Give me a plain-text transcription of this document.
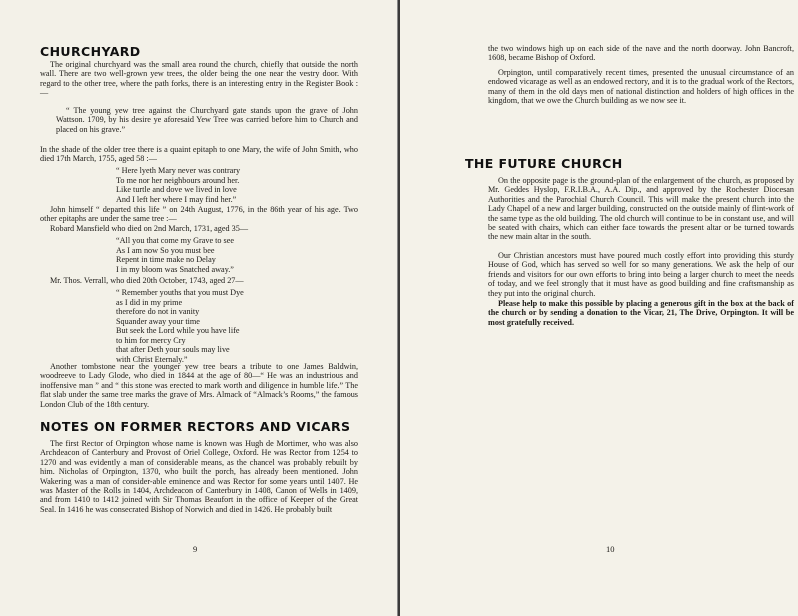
CHURCHYARD

The original churchyard was the small area round the church, chiefly that outside the north wall. There are two well-grown yew trees, the older being the one near the vestry door. With regard to the other tree, where the path forks, there is an interesting entry in the Register Book :—

“ The young yew tree against the Churchyard gate stands upon the grave of John Wattson. 1709, by his desire ye aforesaid Yew Tree was carried before him to Church and placed on his grave.”

In the shade of the older tree there is a quaint epitaph to one Mary, the wife of John Smith, who died 17th March, 1755, aged 58 :—

“ Here lyeth Mary never was contrary
To me nor her neighbours around her.
Like turtle and dove we lived in love
And I left her where I may find her.”

John himself “ departed this life ” on 24th August, 1776, in the 86th year of his age. Two other epitaphs are under the same tree :—

Robard Mansfield who died on 2nd March, 1731, aged 35—

“All you that come my Grave to see
As I am now So you must bee
Repent in time make no Delay
I in my bloom was Snatched away.”

Mr. Thos. Verrall, who died 20th October, 1743, aged 27—

“ Remember youths that you must Dye
as I did in my prime
therefore do not in vanity
Squander away your time
But seek the Lord while you have life
to him for mercy Cry
that after Deth your souls may live
with Christ Eternaly.”

Another tombstone near the younger yew tree bears a tribute to one James Baldwin, woodreeve to Lady Glode, who died in 1844 at the age of 80—“ He was an industrious and inoffensive man ” and “ this stone was erected to mark worth and diligence in humble life.” The flat slab under the same tree marks the grave of Mrs. Almack of “Almack’s Rooms,” the famous London Club of the 18th century.

NOTES ON FORMER RECTORS AND VICARS

The first Rector of Orpington whose name is known was Hugh de Mortimer, who was also Archdeacon of Canterbury and Provost of Oriel College, Oxford. He was Rector from 1254 to 1270 and was evidently a man of considerable means, as the chancel was probably rebuilt by him. Nicholas of Orpington, 1370, who built the porch, has already been mentioned. John Wakering was a man of consider-able eminence and was Rector for some years until 1407. He was Master of the Rolls in 1404, Archdeacon of Canterbury in 1408, Canon of Wells in 1409, and from 1410 to 1412 joined with Sir Thomas Beaufort in the office of Keeper of the Great Seal. In 1416 he was consecrated Bishop of Norwich and died in 1426. He probably built

9

the two windows high up on each side of the nave and the north doorway. John Bancroft, 1608, became Bishop of Oxford.

Orpington, until comparatively recent times, presented the unusual circumstance of an endowed vicarage as well as an endowed rectory, and it is to the gradual work of the Rectors, many of them in the old days men of national distinction and holders of high offices in the kingdom, that we owe the Church building as we now see it.

THE FUTURE CHURCH

On the opposite page is the ground-plan of the enlargement of the church, as proposed by Mr. Geddes Hyslop, F.R.I.B.A., A.A. Dip., and approved by the Rochester Diocesan Authorities and the Parochial Church Council. This will make the present church into the Lady Chapel of a new and larger building, constructed on the outside mainly of flint-work of the same type as the old building. The old church will continue to be in constant use, and will be seated with chairs, which can either face towards the present altar or be turned towards the new main altar in the south.

Our Christian ancestors must have poured much costly effort into providing this sturdy House of God, which has served so well for so many generations. We ask the help of our friends and visitors for our own efforts to bring into being a larger church to meet the needs of today, and we feel strongly that it must have as good building and fine craftsmanship as they put into the original church.

Please help to make this possible by placing a generous gift in the box at the back of the church or by sending a donation to the Vicar, 21, The Drive, Orpington. It will be most gratefully received.

10
